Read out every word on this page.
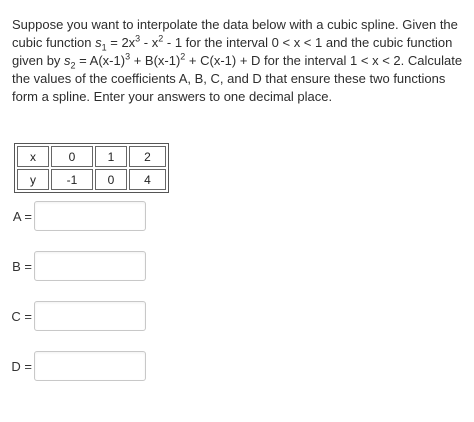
Suppose you want to interpolate the data below with a cubic spline. Given the cubic function $s_1 = 2x^3 - x^2 - 1$ for the interval 0 < x < 1 and the cubic function given by $s_2 = A(x-1)^3 + B(x-1)^2 + C(x-1) + D$ for the interval 1 < x < 2. Calculate the values of the coefficients A, B, C, and D that ensure these two functions form a spline. Enter your answers to one decimal place.

x	0	1	2
y	-1	0	4
A =
B =
C =
D =
